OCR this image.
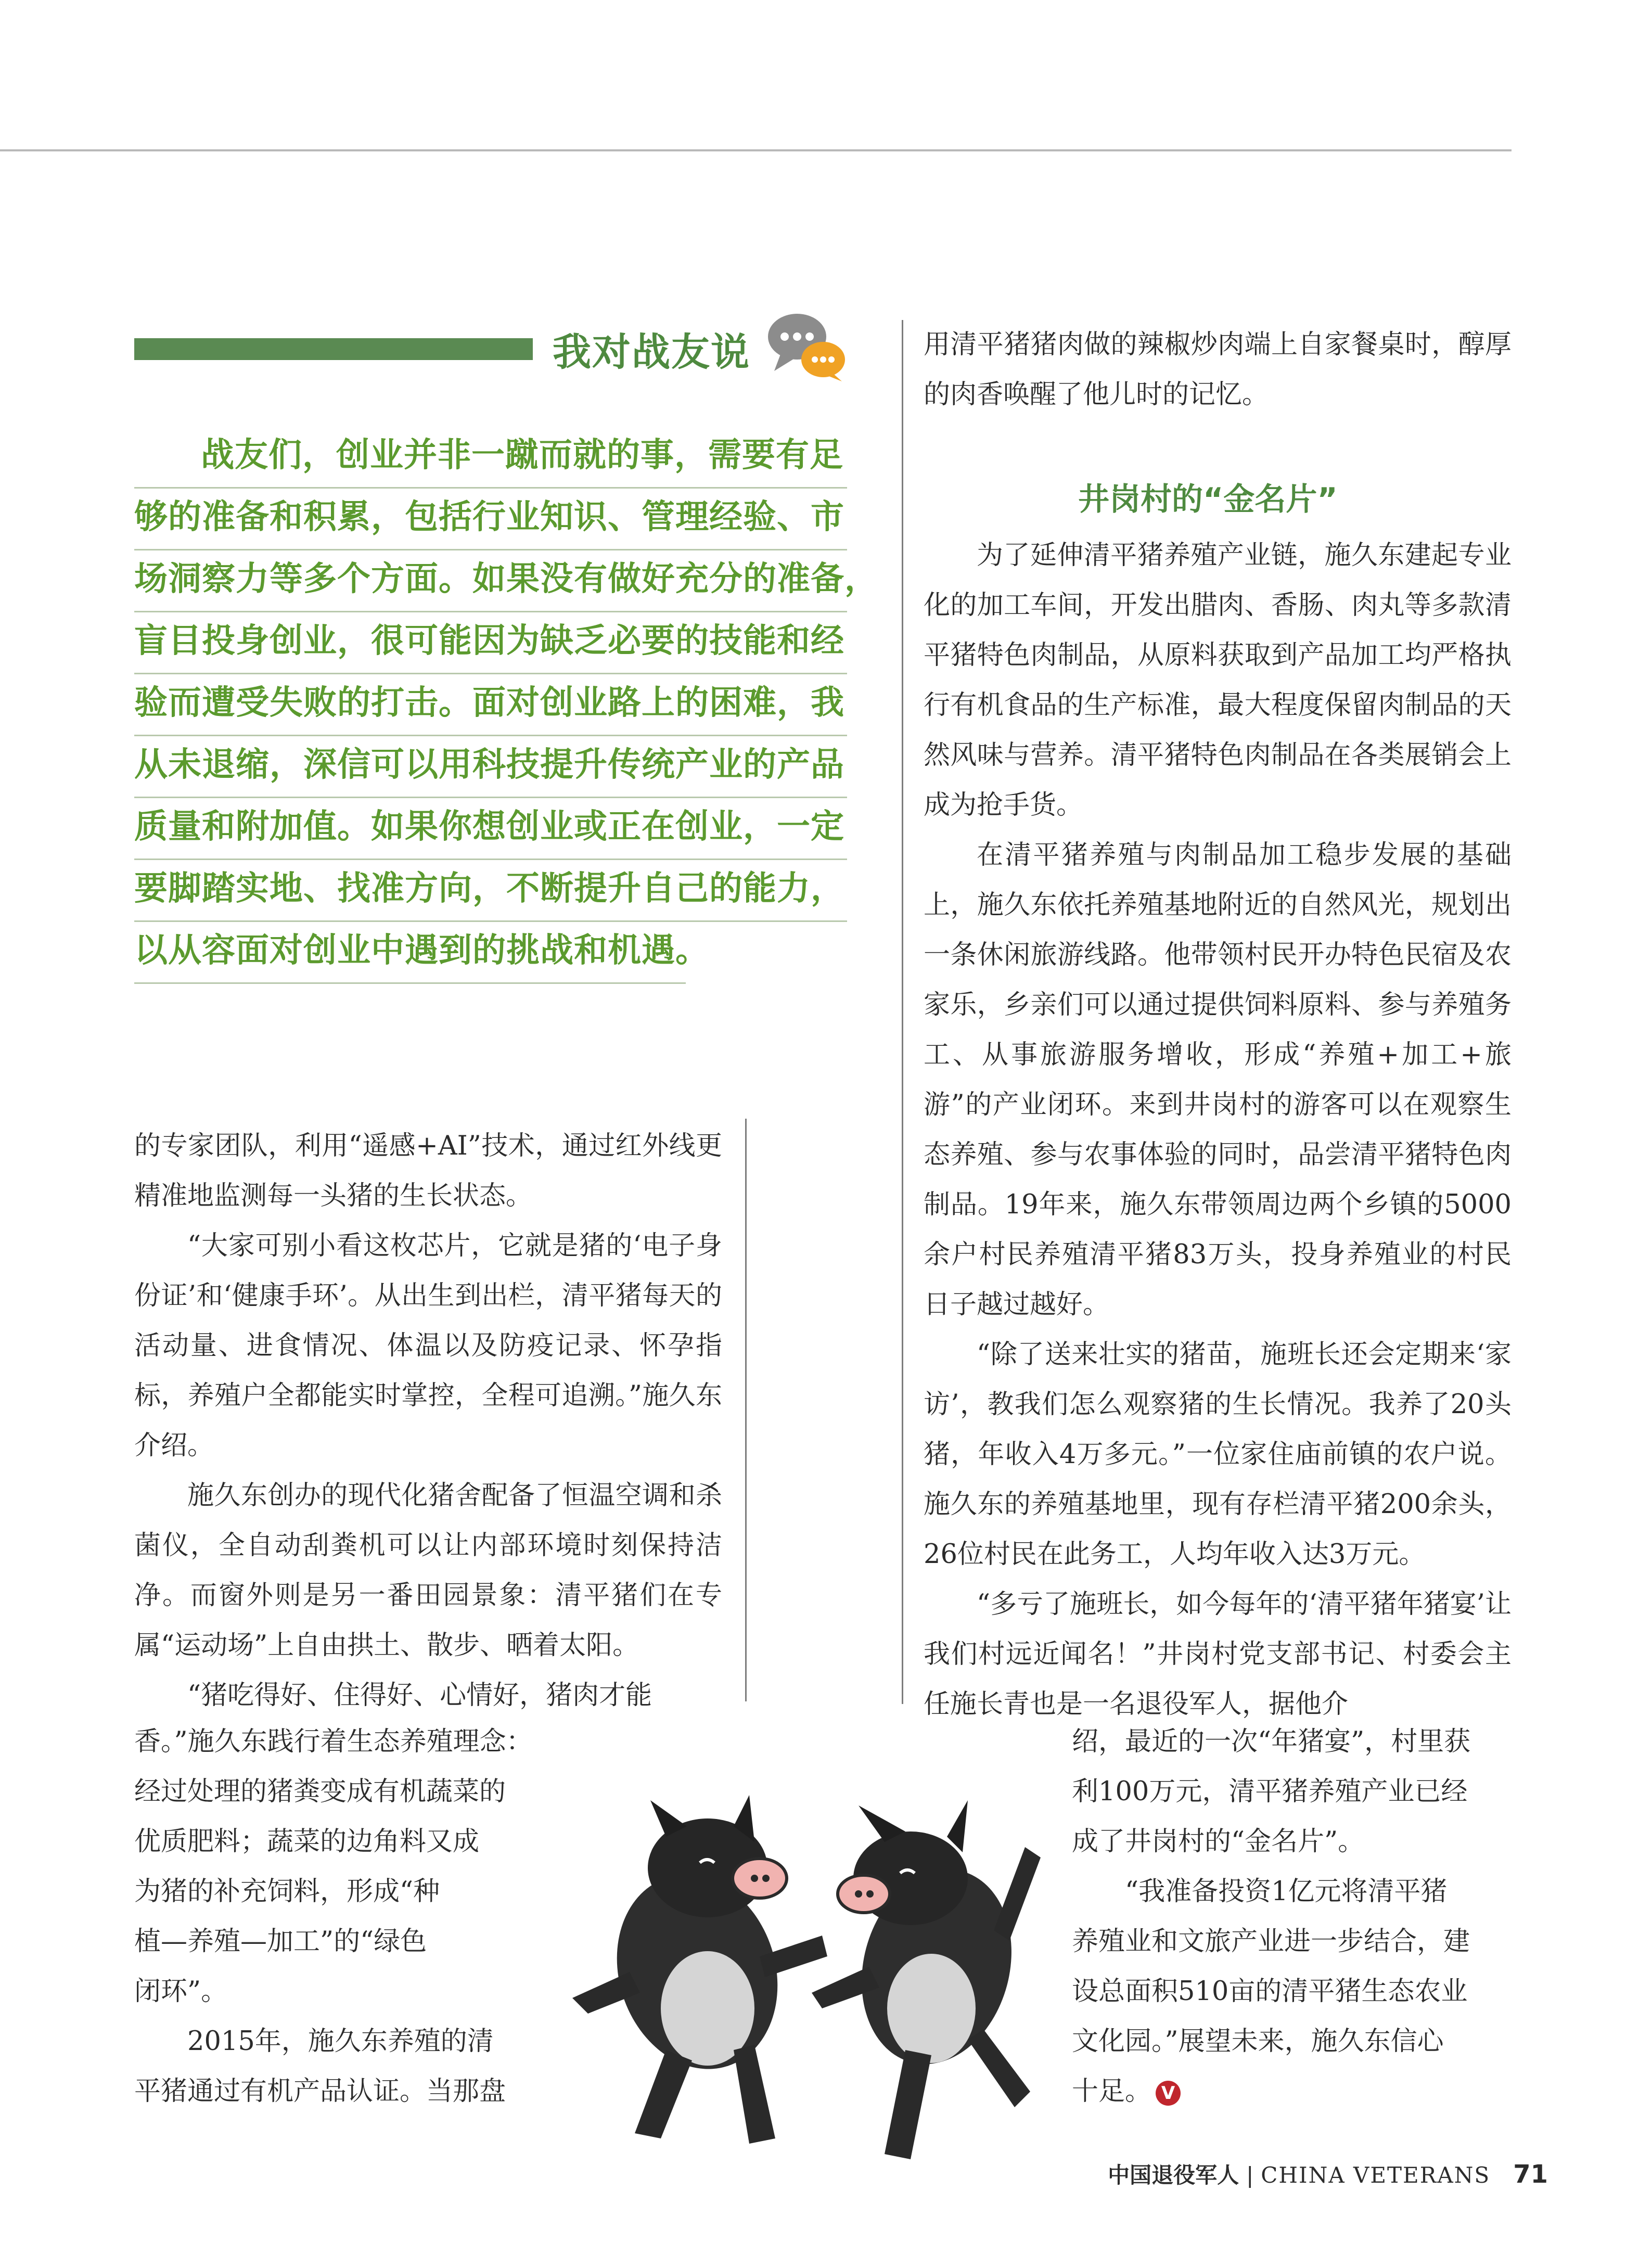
我对战友说
战友们，创业并非一蹴而就的事，需要有足
够的准备和积累，包括行业知识、管理经验、市
场洞察力等多个方面。如果没有做好充分的准备，
盲目投身创业，很可能因为缺乏必要的技能和经
验而遭受失败的打击。面对创业路上的困难，我
从未退缩，深信可以用科技提升传统产业的产品
质量和附加值。如果你想创业或正在创业，一定
要脚踏实地、找准方向，不断提升自己的能力，
以从容面对创业中遇到的挑战和机遇。

的专家团队，利用“遥感+AI”技术，通过红外线更精准地监测每一头猪的生长状态。

“大家可别小看这枚芯片，它就是猪的‘电子身份证’和‘健康手环’。从出生到出栏，清平猪每天的活动量、进食情况、体温以及防疫记录、怀孕指标，养殖户全都能实时掌控，全程可追溯。”施久东介绍。

施久东创办的现代化猪舍配备了恒温空调和杀菌仪，全自动刮粪机可以让内部环境时刻保持洁净。而窗外则是另一番田园景象：清平猪们在专属“运动场”上自由拱土、散步、晒着太阳。

“猪吃得好、住得好、心情好，猪肉才能

香。”施久东践行着生态养殖理念：
经过处理的猪粪变成有机蔬菜的
优质肥料；蔬菜的边角料又成
为猪的补充饲料，形成“种
植—养殖—加工”的“绿色
闭环”。
2015年，施久东养殖的清
平猪通过有机产品认证。当那盘

用清平猪猪肉做的辣椒炒肉端上自家餐桌时，醇厚的肉香唤醒了他儿时的记忆。

井岗村的“金名片”

为了延伸清平猪养殖产业链，施久东建起专业化的加工车间，开发出腊肉、香肠、肉丸等多款清平猪特色肉制品，从原料获取到产品加工均严格执行有机食品的生产标准，最大程度保留肉制品的天然风味与营养。清平猪特色肉制品在各类展销会上成为抢手货。

在清平猪养殖与肉制品加工稳步发展的基础上，施久东依托养殖基地附近的自然风光，规划出一条休闲旅游线路。他带领村民开办特色民宿及农家乐，乡亲们可以通过提供饲料原料、参与养殖务工、从事旅游服务增收，形成“养殖+加工+旅游”的产业闭环。来到井岗村的游客可以在观察生态养殖、参与农事体验的同时，品尝清平猪特色肉制品。19年来，施久东带领周边两个乡镇的5000余户村民养殖清平猪83万头，投身养殖业的村民日子越过越好。

“除了送来壮实的猪苗，施班长还会定期来‘家访’，教我们怎么观察猪的生长情况。我养了20头猪，年收入4万多元。”一位家住庙前镇的农户说。施久东的养殖基地里，现有存栏清平猪200余头，26位村民在此务工，人均年收入达3万元。

“多亏了施班长，如今每年的‘清平猪年猪宴’让我们村远近闻名！”井岗村党支部书记、村委会主任施长青也是一名退役军人，据他介

绍，最近的一次“年猪宴”，村里获
利100万元，清平猪养殖产业已经
成了井岗村的“金名片”。
“我准备投资1亿元将清平猪
养殖业和文旅产业进一步结合，建
设总面积510亩的清平猪生态农业
文化园。”展望未来，施久东信心
十足。 V
中国退役军人 | CHINA VETERANS 71
